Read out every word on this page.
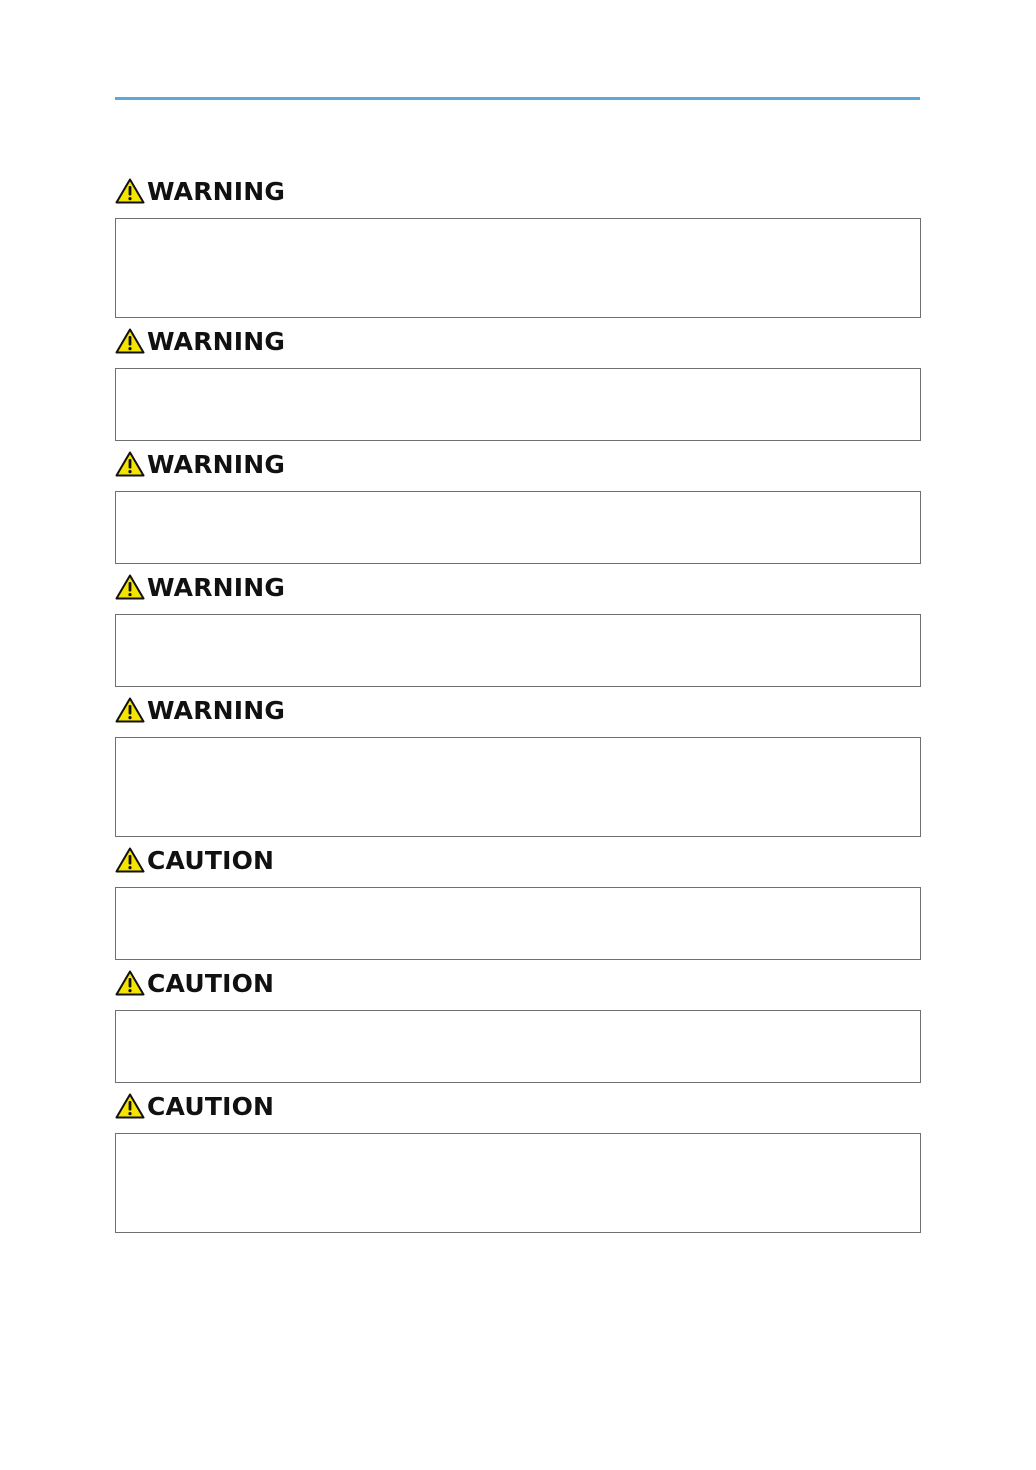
WARNING
WARNING
WARNING
WARNING
WARNING
CAUTION
CAUTION
CAUTION
